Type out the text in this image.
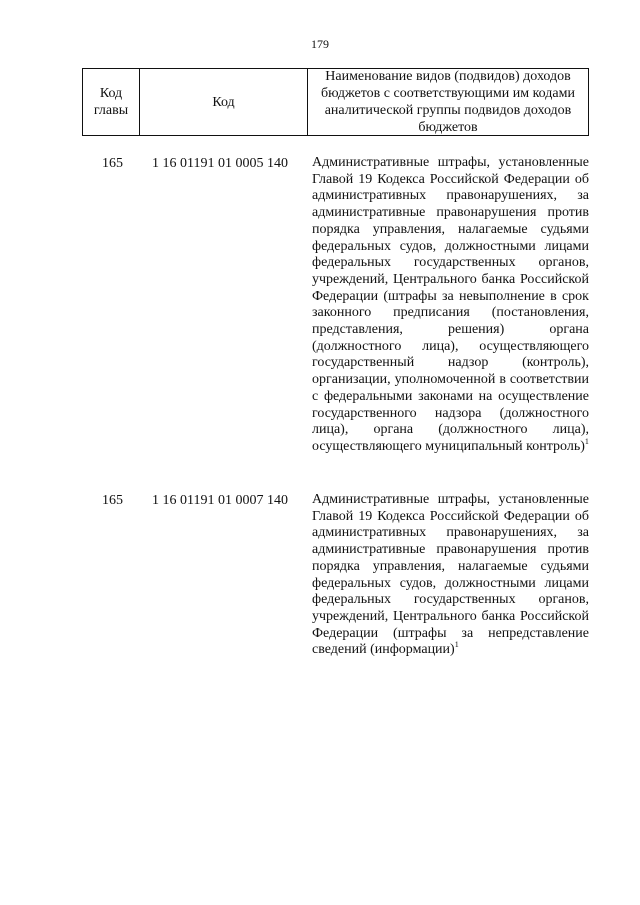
179
Код главы
Код
Наименование видов (подвидов) доходов бюджетов с соответствующими им кодами аналитической группы подвидов доходов бюджетов
165 1 16 01191 01 0005 140 Административные штрафы, установленные Главой 19 Кодекса Российской Федерации об административных правонарушениях, за административные правонарушения против порядка управления, налагаемые судьями федеральных судов, должностными лицами федеральных государственных органов, учреждений, Центрального банка Российской Федерации (штрафы за невыполнение в срок законного предписания (постановления, представления, решения) органа (должностного лица), осуществляющего государственный надзор (контроль), организации, уполномоченной в соответствии с федеральными законами на осуществление государственного надзора (должностного лица), органа (должностного лица), осуществляющего муниципальный контроль)$^1$
165 1 16 01191 01 0007 140 Административные штрафы, установленные Главой 19 Кодекса Российской Федерации об административных правонарушениях, за административные правонарушения против порядка управления, налагаемые судьями федеральных судов, должностными лицами федеральных государственных органов, учреждений, Центрального банка Российской Федерации (штрафы за непредставление сведений (информации)$^1$
